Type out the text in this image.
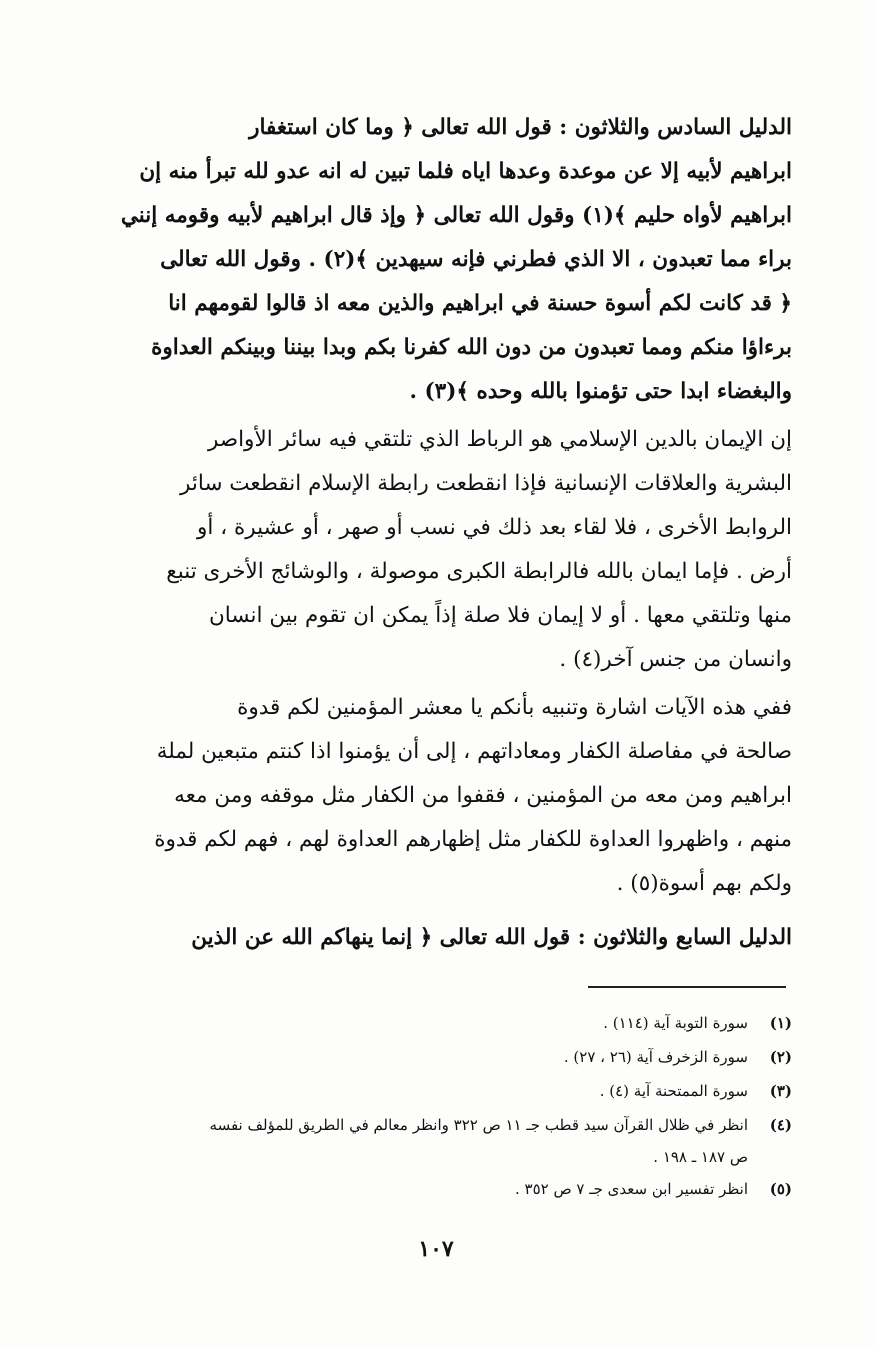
الدليل السادس والثلاثون : قول الله تعالى ﴿ وما كان استغفار
ابراهيم لأبيه إلا عن موعدة وعدها اياه فلما تبين له انه عدو لله تبرأ منه إن
ابراهيم لأواه حليم ﴾(١) وقول الله تعالى ﴿ وإذ قال ابراهيم لأبيه وقومه إنني
براء مما تعبدون ، الا الذي فطرني فإنه سيهدين ﴾(٢) . وقول الله تعالى
﴿ قد كانت لكم أسوة حسنة في ابراهيم والذين معه اذ قالوا لقومهم انا
برءاؤا منكم ومما تعبدون من دون الله كفرنا بكم وبدا بيننا وبينكم العداوة
والبغضاء ابدا حتى تؤمنوا بالله وحده ﴾(٣) .
إن الإيمان بالدين الإسلامي هو الرباط الذي تلتقي فيه سائر الأواصر
البشرية والعلاقات الإنسانية فإذا انقطعت رابطة الإسلام انقطعت سائر
الروابط الأخرى ، فلا لقاء بعد ذلك في نسب أو صهر ، أو عشيرة ، أو
أرض . فإما ايمان بالله فالرابطة الكبرى موصولة ، والوشائج الأخرى تنبع
منها وتلتقي معها . أو لا إيمان فلا صلة إذاً يمكن ان تقوم بين انسان
وانسان من جنس آخر(٤) .
ففي هذه الآيات اشارة وتنبيه بأنكم يا معشر المؤمنين لكم قدوة
صالحة في مفاصلة الكفار ومعاداتهم ، إلى أن يؤمنوا اذا كنتم متبعين لملة
ابراهيم ومن معه من المؤمنين ، فقفوا من الكفار مثل موقفه ومن معه
منهم ، واظهروا العداوة للكفار مثل إظهارهم العداوة لهم ، فهم لكم قدوة
ولكم بهم أسوة(٥) .
الدليل السابع والثلاثون : قول الله تعالى ﴿ إنما ينهاكم الله عن الذين
(١)
سورة التوبة آية (١١٤) .
(٢)
سورة الزخرف آية (٢٦ ، ٢٧) .
(٣)
سورة الممتحنة آية (٤) .
(٤)
انظر في ظلال القرآن سيد قطب جـ ١١ ص ٣٢٢ وانظر معالم في الطريق للمؤلف نفسه
ص ١٨٧ ـ ١٩٨ .
(٥)
انظر تفسير ابن سعدى جـ ٧ ص ٣٥٢ .
١٠٧
